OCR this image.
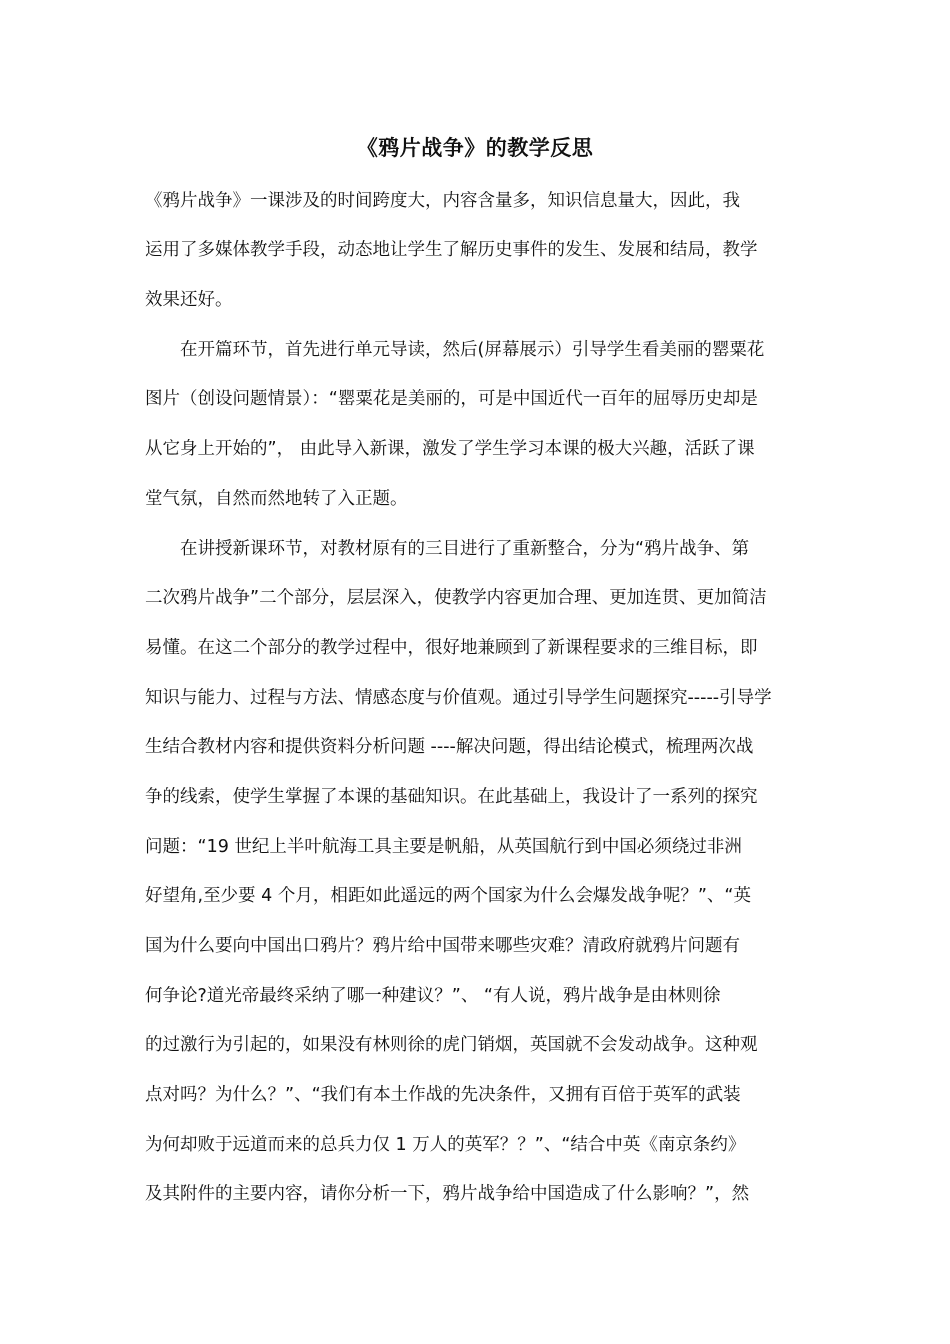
《鸦片战争》的教学反思
《鸦片战争》一课涉及的时间跨度大，内容含量多，知识信息量大，因此，我
运用了多媒体教学手段，动态地让学生了解历史事件的发生、发展和结局，教学
效果还好。
在开篇环节，首先进行单元导读，然后(屏幕展示）引导学生看美丽的罂粟花
图片（创设问题情景）：“罂粟花是美丽的，可是中国近代一百年的屈辱历史却是
从它身上开始的”， 由此导入新课，激发了学生学习本课的极大兴趣，活跃了课
堂气氛，自然而然地转了入正题。
在讲授新课环节，对教材原有的三目进行了重新整合，分为“鸦片战争、第
二次鸦片战争”二个部分，层层深入，使教学内容更加合理、更加连贯、更加简洁
易懂。在这二个部分的教学过程中，很好地兼顾到了新课程要求的三维目标，即
知识与能力、过程与方法、情感态度与价值观。通过引导学生问题探究-----引导学
生结合教材内容和提供资料分析问题 ----解决问题，得出结论模式，梳理两次战
争的线索，使学生掌握了本课的基础知识。在此基础上，我设计了一系列的探究
问题：“19 世纪上半叶航海工具主要是帆船，从英国航行到中国必须绕过非洲
好望角,至少要 4 个月，相距如此遥远的两个国家为什么会爆发战争呢？”、“英
国为什么要向中国出口鸦片？鸦片给中国带来哪些灾难？清政府就鸦片问题有
何争论?道光帝最终采纳了哪一种建议？”、 “有人说，鸦片战争是由林则徐
的过激行为引起的，如果没有林则徐的虎门销烟，英国就不会发动战争。这种观
点对吗？为什么？”、“我们有本土作战的先决条件，又拥有百倍于英军的武装
为何却败于远道而来的总兵力仅 1 万人的英军？？”、“结合中英《南京条约》
及其附件的主要内容，请你分析一下，鸦片战争给中国造成了什么影响？”，然
